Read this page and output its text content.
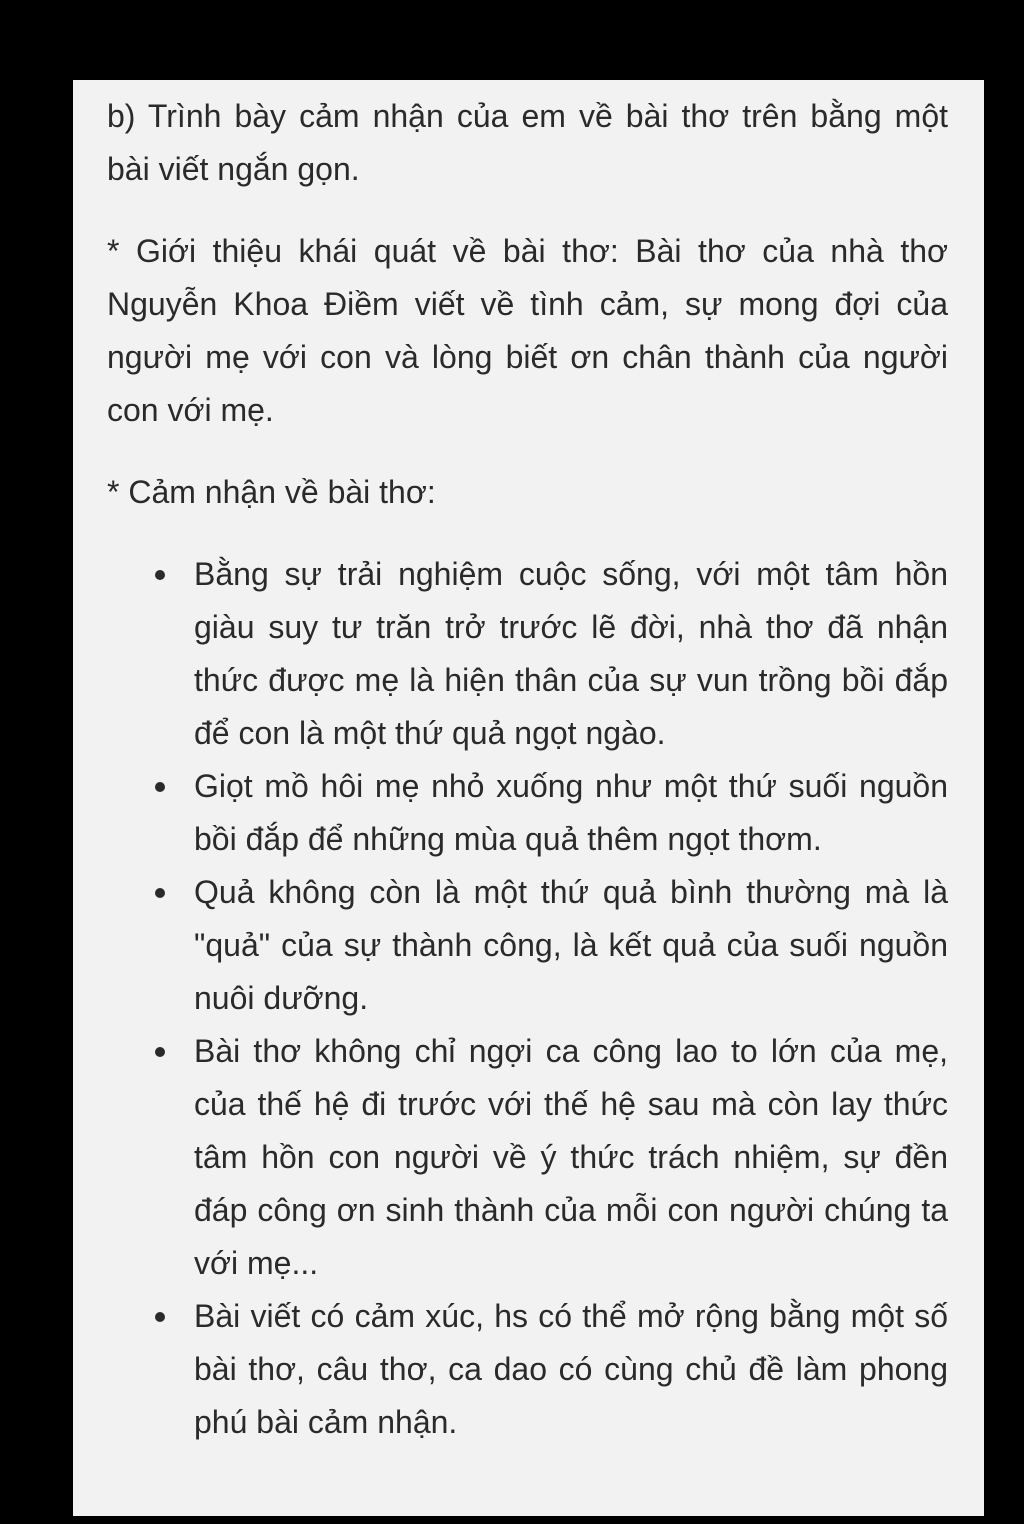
b) Trình bày cảm nhận của em về bài thơ trên bằng một bài viết ngắn gọn.

* Giới thiệu khái quát về bài thơ: Bài thơ của nhà thơ Nguyễn Khoa Điềm viết về tình cảm, sự mong đợi của người mẹ với con và lòng biết ơn chân thành của người con với mẹ.

* Cảm nhận về bài thơ:

Bằng sự trải nghiệm cuộc sống, với một tâm hồn giàu suy tư trăn trở trước lẽ đời, nhà thơ đã nhận thức được mẹ là hiện thân của sự vun trồng bồi đắp để con là một thứ quả ngọt ngào.
Giọt mồ hôi mẹ nhỏ xuống như một thứ suối nguồn bồi đắp để những mùa quả thêm ngọt thơm.
Quả không còn là một thứ quả bình thường mà là "quả" của sự thành công, là kết quả của suối nguồn nuôi dưỡng.
Bài thơ không chỉ ngợi ca công lao to lớn của mẹ, của thế hệ đi trước với thế hệ sau mà còn lay thức tâm hồn con người về ý thức trách nhiệm, sự đền đáp công ơn sinh thành của mỗi con người chúng ta với mẹ...
Bài viết có cảm xúc, hs có thể mở rộng bằng một số bài thơ, câu thơ, ca dao có cùng chủ đề làm phong phú bài cảm nhận.
